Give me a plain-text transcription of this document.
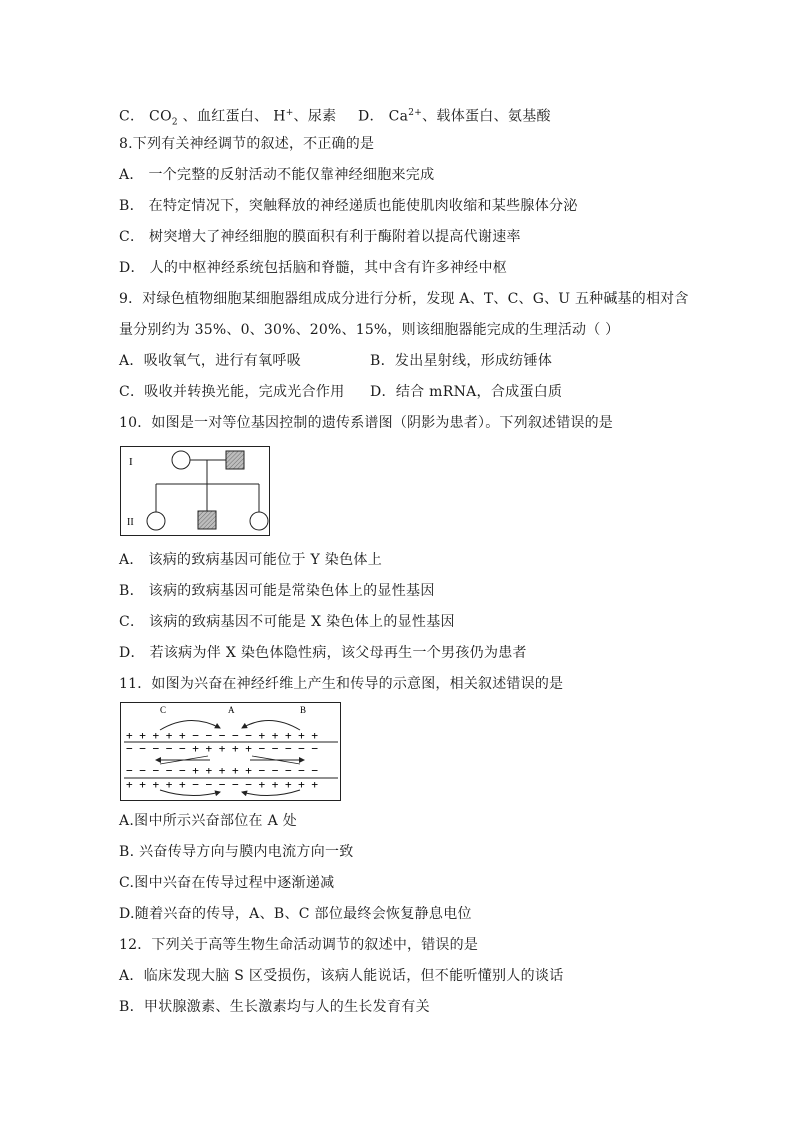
C． $CO_2$ 、血红蛋白、 H+、尿素 D． $Ca^{2+}$、载体蛋白、氨基酸
8.下列有关神经调节的叙述，不正确的是
A． 一个完整的反射活动不能仅靠神经细胞来完成
B． 在特定情况下，突触释放的神经递质也能使肌肉收缩和某些腺体分泌
C． 树突增大了神经细胞的膜面积有利于酶附着以提高代谢速率
D． 人的中枢神经系统包括脑和脊髓，其中含有许多神经中枢
9．对绿色植物细胞某细胞器组成成分进行分析，发现 A、T、C、G、U 五种碱基的相对含
量分别约为 35%、0、30%、20%、15%，则该细胞器能完成的生理活动（ ）
A．吸收氧气，进行有氧呼吸	B．发出星射线，形成纺锤体
C．吸收并转换光能，完成光合作用 D．结合 mRNA，合成蛋白质
10．如图是一对等位基因控制的遗传系谱图（阴影为患者）。下列叙述错误的是
I
II
A． 该病的致病基因可能位于 Y 染色体上
B． 该病的致病基因可能是常染色体上的显性基因
C． 该病的致病基因不可能是 X 染色体上的显性基因
D． 若该病为伴 X 染色体隐性病，该父母再生一个男孩仍为患者
11．如图为兴奋在神经纤维上产生和传导的示意图，相关叙述错误的是
C	A	B
+ + + + + − − − − − + + + + +
− − − − − + + + + + − − − − −
− − − − − + + + + + − − − − −
+ + + + + − − − − − + + + + +
A.图中所示兴奋部位在 A 处
B. 兴奋传导方向与膜内电流方向一致
C.图中兴奋在传导过程中逐渐递减
D.随着兴奋的传导，A、B、C 部位最终会恢复静息电位
12．下列关于高等生物生命活动调节的叙述中，错误的是
A．临床发现大脑 S 区受损伤，该病人能说话，但不能听懂别人的谈话
B．甲状腺激素、生长激素均与人的生长发育有关
